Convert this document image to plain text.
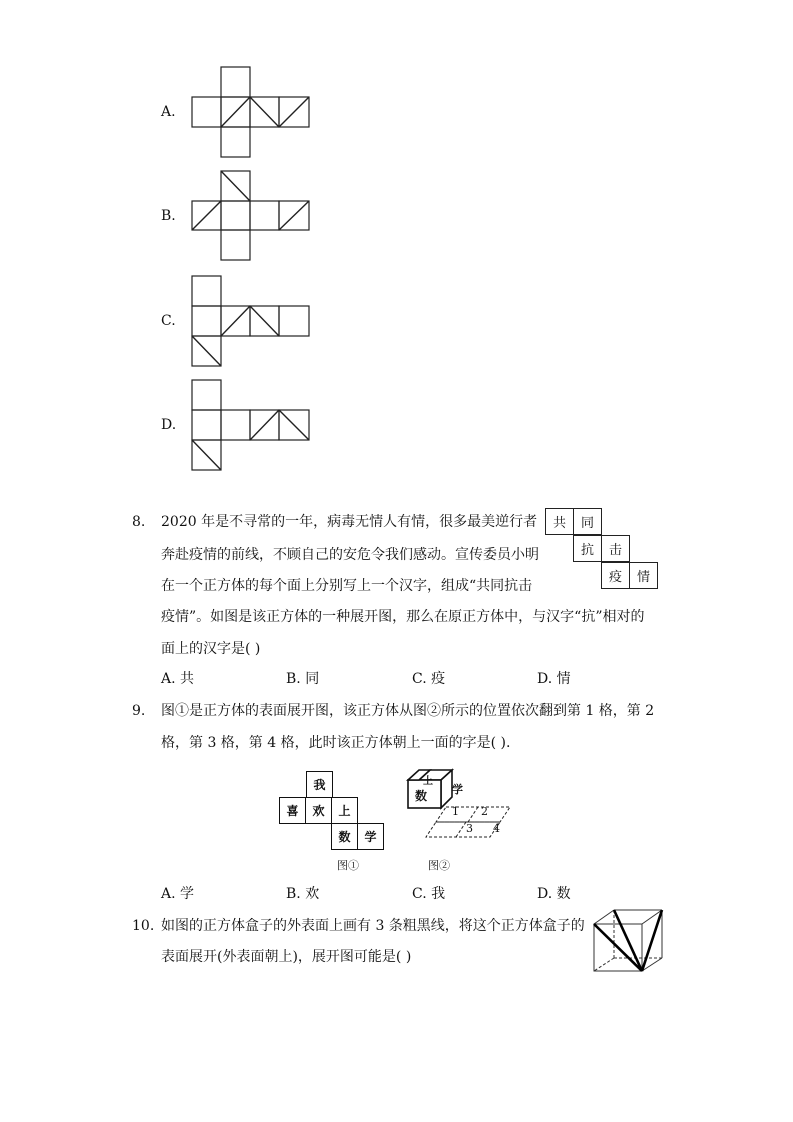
A.
B.
C.
D.
8. 2020 年是不寻常的一年，病毒无情人有情，很多最美逆行者
奔赴疫情的前线，不顾自己的安危令我们感动。宣传委员小明
在一个正方体的每个面上分别写上一个汉字，组成“共同抗击
疫情”。如图是该正方体的一种展开图，那么在原正方体中，与汉字“抗”相对的
面上的汉字是( )
共	同
抗	击
疫	情
A. 共	B. 同	C. 疫	D. 情
9. 图①是正方体的表面展开图，该正方体从图②所示的位置依次翻到第 1 格，第 2
格，第 3 格，第 4 格，此时该正方体朝上一面的字是( ).
我
喜	欢	上
数	学
图①
上
数 学
1 2
3 4
图②
A. 学	B. 欢	C. 我	D. 数
10. 如图的正方体盒子的外表面上画有 3 条粗黑线，将这个正方体盒子的
表面展开(外表面朝上)，展开图可能是( )
